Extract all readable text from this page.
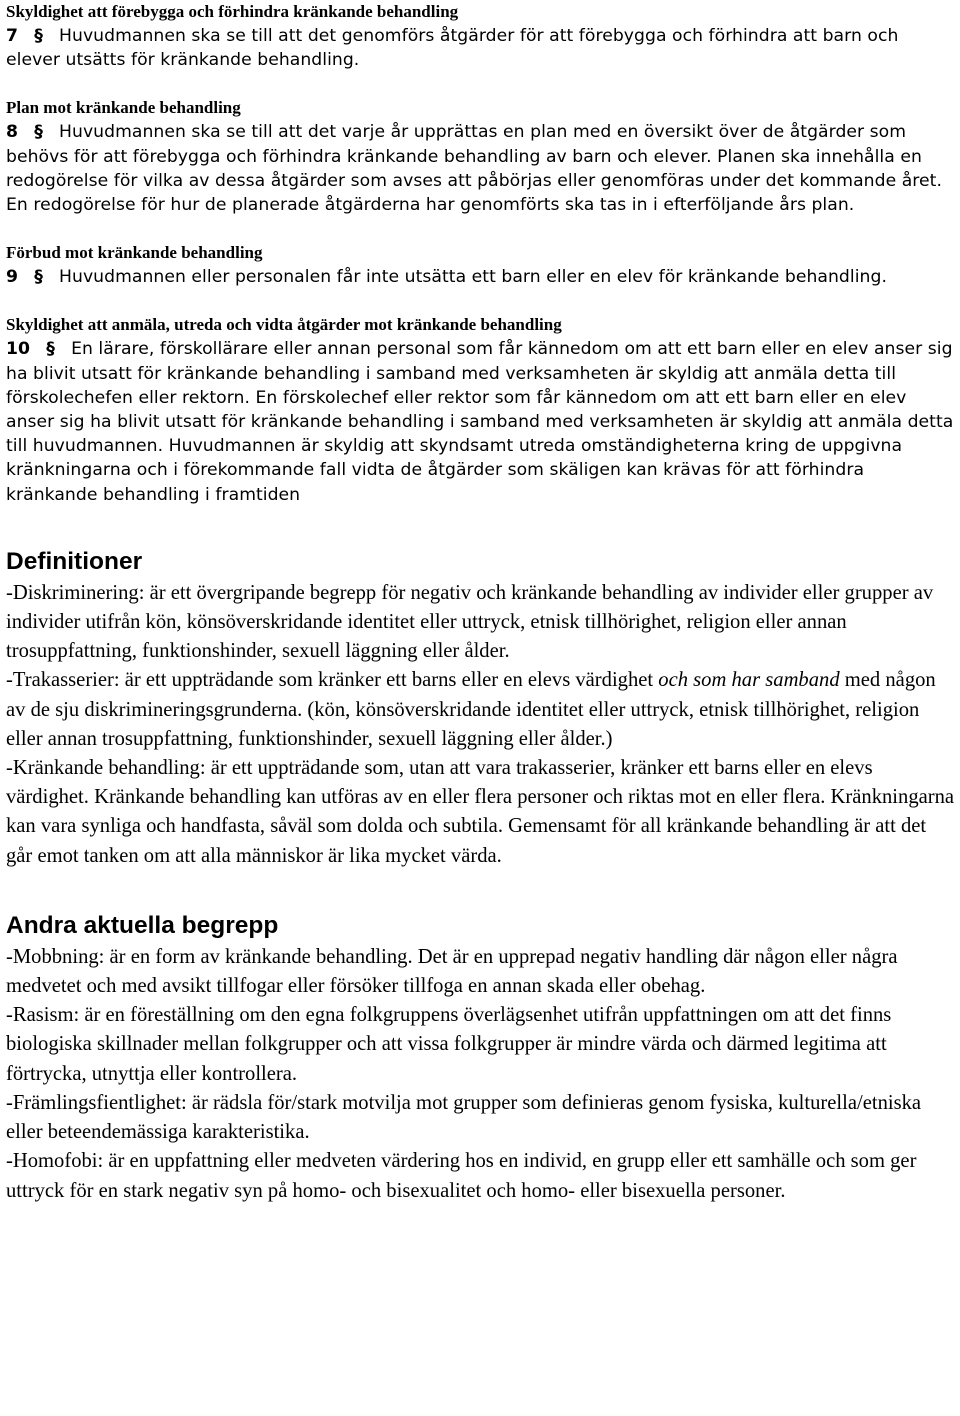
Skyldighet att förebygga och förhindra kränkande behandling

7 § Huvudmannen ska se till att det genomförs åtgärder för att förebygga och förhindra att barn och elever utsätts för kränkande behandling.

Plan mot kränkande behandling

8 § Huvudmannen ska se till att det varje år upprättas en plan med en översikt över de åtgärder som behövs för att förebygga och förhindra kränkande behandling av barn och elever. Planen ska innehålla en redogörelse för vilka av dessa åtgärder som avses att påbörjas eller genomföras under det kommande året. En redogörelse för hur de planerade åtgärderna har genomförts ska tas in i efterföljande års plan.

Förbud mot kränkande behandling

9 § Huvudmannen eller personalen får inte utsätta ett barn eller en elev för kränkande behandling.

Skyldighet att anmäla, utreda och vidta åtgärder mot kränkande behandling

10 § En lärare, förskollärare eller annan personal som får kännedom om att ett barn eller en elev anser sig ha blivit utsatt för kränkande behandling i samband med verksamheten är skyldig att anmäla detta till förskolechefen eller rektorn. En förskolechef eller rektor som får kännedom om att ett barn eller en elev anser sig ha blivit utsatt för kränkande behandling i samband med verksamheten är skyldig att anmäla detta till huvudmannen. Huvudmannen är skyldig att skyndsamt utreda omständigheterna kring de uppgivna kränkningarna och i förekommande fall vidta de åtgärder som skäligen kan krävas för att förhindra kränkande behandling i framtiden

Definitioner

-Diskriminering: är ett övergripande begrepp för negativ och kränkande behandling av individer eller grupper av individer utifrån kön, könsöverskridande identitet eller uttryck, etnisk tillhörighet, religion eller annan trosuppfattning, funktionshinder, sexuell läggning eller ålder.

-Trakasserier: är ett uppträdande som kränker ett barns eller en elevs värdighet och som har samband med någon av de sju diskrimineringsgrunderna. (kön, könsöverskridande identitet eller uttryck, etnisk tillhörighet, religion eller annan trosuppfattning, funktionshinder, sexuell läggning eller ålder.)

-Kränkande behandling: är ett uppträdande som, utan att vara trakasserier, kränker ett barns eller en elevs värdighet. Kränkande behandling kan utföras av en eller flera personer och riktas mot en eller flera. Kränkningarna kan vara synliga och handfasta, såväl som dolda och subtila. Gemensamt för all kränkande behandling är att det går emot tanken om att alla människor är lika mycket värda.

Andra aktuella begrepp

-Mobbning: är en form av kränkande behandling. Det är en upprepad negativ handling där någon eller några medvetet och med avsikt tillfogar eller försöker tillfoga en annan skada eller obehag.

-Rasism: är en föreställning om den egna folkgruppens överlägsenhet utifrån uppfattningen om att det finns biologiska skillnader mellan folkgrupper och att vissa folkgrupper är mindre värda och därmed legitima att förtrycka, utnyttja eller kontrollera.

-Främlingsfientlighet: är rädsla för/stark motvilja mot grupper som definieras genom fysiska, kulturella/etniska eller beteendemässiga karakteristika.

-Homofobi: är en uppfattning eller medveten värdering hos en individ, en grupp eller ett samhälle och som ger uttryck för en stark negativ syn på homo- och bisexualitet och homo- eller bisexuella personer.
